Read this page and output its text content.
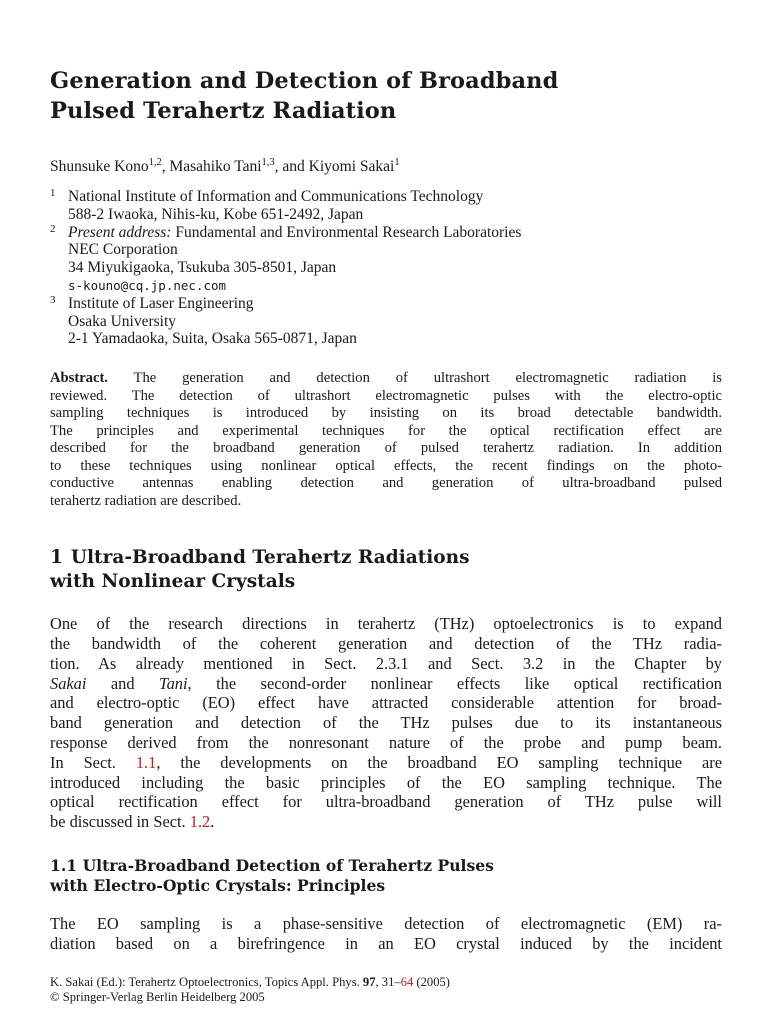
Generation and Detection of Broadband
Pulsed Terahertz Radiation
Shunsuke Kono$^{1,2}$, Masahiko Tani$^{1,3}$, and Kiyomi Sakai$^1$
1 National Institute of Information and Communications Technology
588-2 Iwaoka, Nihis-ku, Kobe 651-2492, Japan
2 Present address: Fundamental and Environmental Research Laboratories
NEC Corporation
34 Miyukigaoka, Tsukuba 305-8501, Japan
s-kouno@cq.jp.nec.com
3 Institute of Laser Engineering
Osaka University
2-1 Yamadaoka, Suita, Osaka 565-0871, Japan
Abstract. The generation and detection of ultrashort electromagnetic radiation is
reviewed. The detection of ultrashort electromagnetic pulses with the electro-optic
sampling techniques is introduced by insisting on its broad detectable bandwidth.
The principles and experimental techniques for the optical rectification effect are
described for the broadband generation of pulsed terahertz radiation. In addition
to these techniques using nonlinear optical effects, the recent findings on the photo-
conductive antennas enabling detection and generation of ultra-broadband pulsed
terahertz radiation are described.
1 Ultra-Broadband Terahertz Radiations
with Nonlinear Crystals
One of the research directions in terahertz (THz) optoelectronics is to expand
the bandwidth of the coherent generation and detection of the THz radia-
tion. As already mentioned in Sect. 2.3.1 and Sect. 3.2 in the Chapter by
Sakai and Tani, the second-order nonlinear effects like optical rectification
and electro-optic (EO) effect have attracted considerable attention for broad-
band generation and detection of the THz pulses due to its instantaneous
response derived from the nonresonant nature of the probe and pump beam.
In Sect. 1.1, the developments on the broadband EO sampling technique are
introduced including the basic principles of the EO sampling technique. The
optical rectification effect for ultra-broadband generation of THz pulse will
be discussed in Sect. 1.2.
1.1 Ultra-Broadband Detection of Terahertz Pulses
with Electro-Optic Crystals: Principles
The EO sampling is a phase-sensitive detection of electromagnetic (EM) ra-
diation based on a birefringence in an EO crystal induced by the incident
K. Sakai (Ed.): Terahertz Optoelectronics, Topics Appl. Phys. 97, 31–64 (2005)
© Springer-Verlag Berlin Heidelberg 2005
